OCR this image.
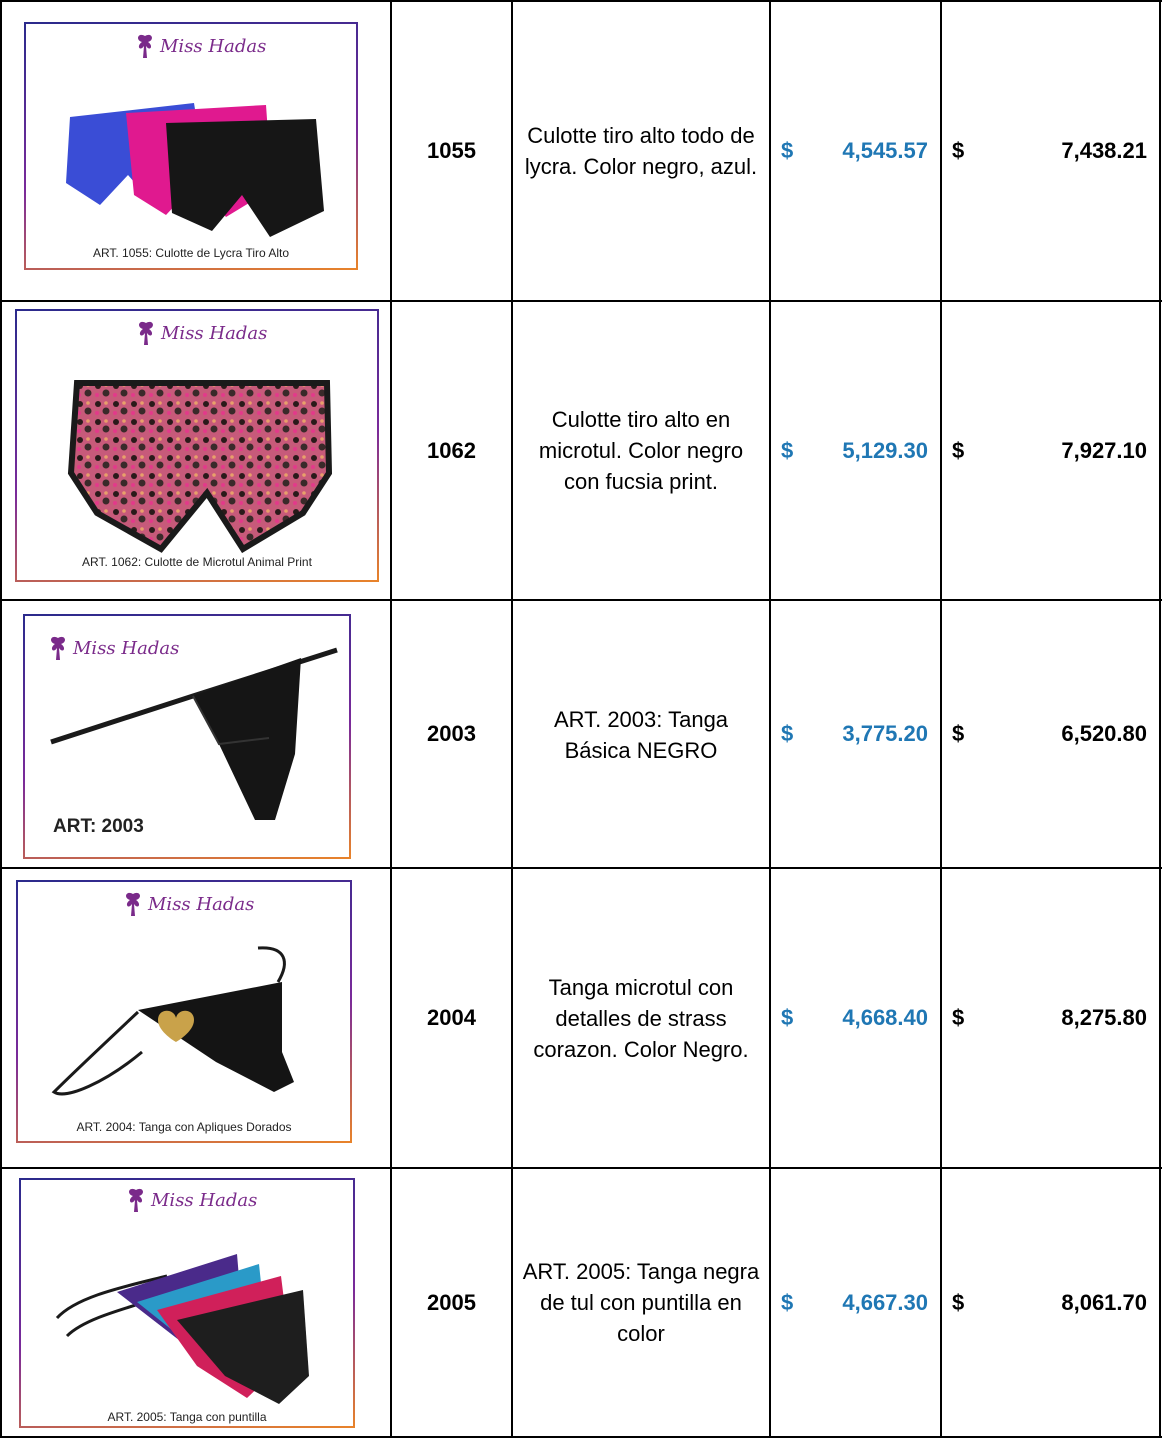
Miss Hadas
ART. 1055: Culotte de Lycra Tiro Alto
1055
Culotte tiro alto todo de lycra. Color negro, azul.
$	4,545.57 $	7,438.21
Miss Hadas
ART. 1062: Culotte de Microtul Animal Print
1062
Culotte tiro alto en microtul. Color negro con fucsia print.
$	5,129.30 $	7,927.10
Miss Hadas
ART: 2003
2003
ART. 2003: Tanga Básica NEGRO
$	3,775.20 $	6,520.80
Miss Hadas
ART. 2004: Tanga con Apliques Dorados
2004
Tanga microtul con detalles de strass corazon. Color Negro.
$	4,668.40 $	8,275.80
Miss Hadas
ART. 2005: Tanga con puntilla
2005
ART. 2005: Tanga negra de tul con puntilla en color
$	4,667.30 $	8,061.70
